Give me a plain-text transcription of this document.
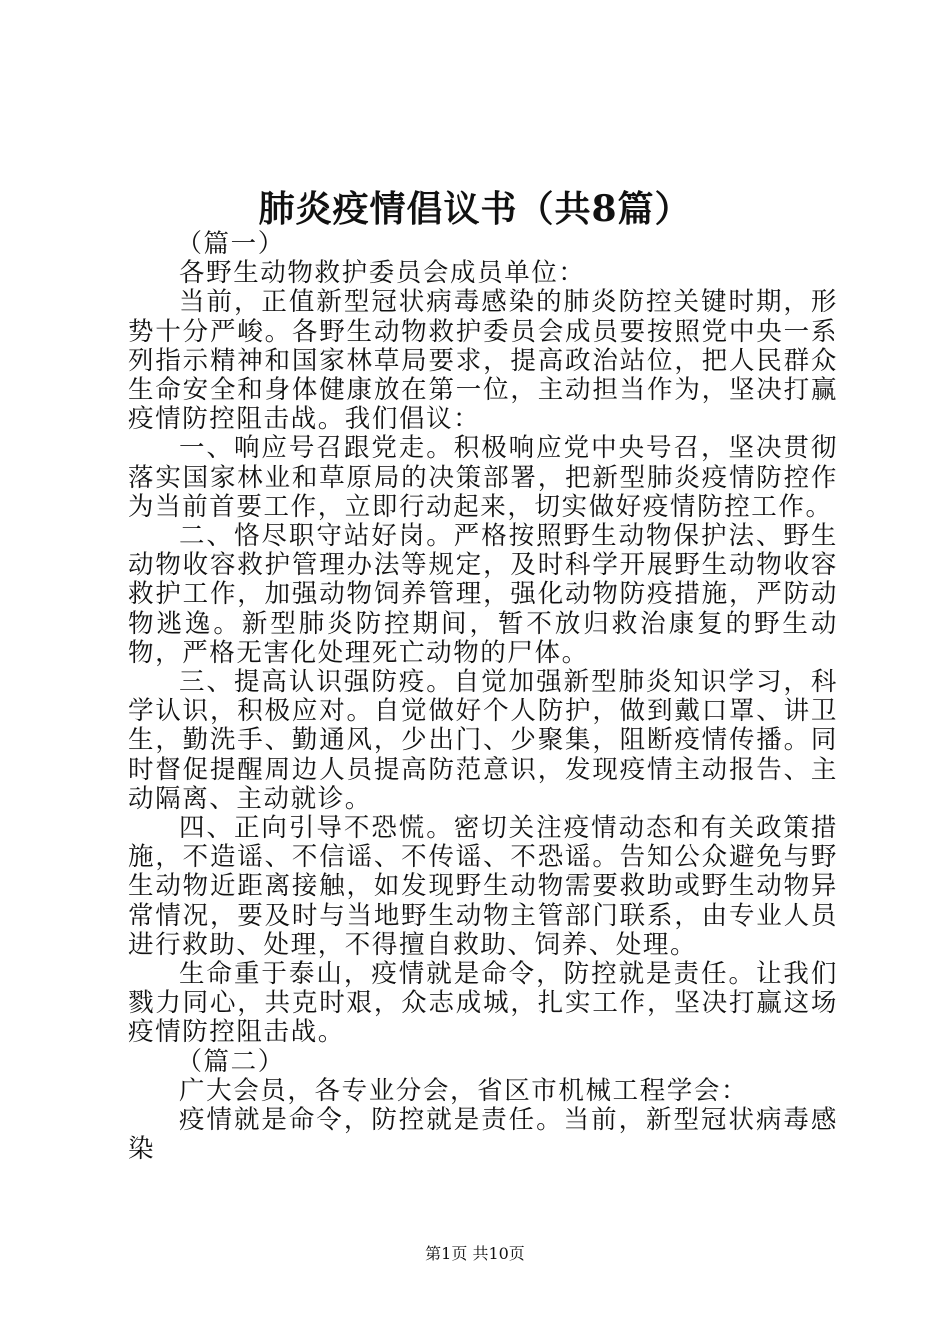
肺炎疫情倡议书（共8篇）

（篇一）

各野生动物救护委员会成员单位：

当前，正值新型冠状病毒感染的肺炎防控关键时期，形势十分严峻。各野生动物救护委员会成员要按照党中央一系列指示精神和国家林草局要求，提高政治站位，把人民群众生命安全和身体健康放在第一位，主动担当作为，坚决打赢疫情防控阻击战。我们倡议：

一、响应号召跟党走。积极响应党中央号召，坚决贯彻落实国家林业和草原局的决策部署，把新型肺炎疫情防控作为当前首要工作，立即行动起来，切实做好疫情防控工作。

二、恪尽职守站好岗。严格按照野生动物保护法、野生动物收容救护管理办法等规定，及时科学开展野生动物收容救护工作，加强动物饲养管理，强化动物防疫措施，严防动物逃逸。新型肺炎防控期间，暂不放归救治康复的野生动物，严格无害化处理死亡动物的尸体。

三、提高认识强防疫。自觉加强新型肺炎知识学习，科学认识，积极应对。自觉做好个人防护，做到戴口罩、讲卫生，勤洗手、勤通风，少出门、少聚集，阻断疫情传播。同时督促提醒周边人员提高防范意识，发现疫情主动报告、主动隔离、主动就诊。

四、正向引导不恐慌。密切关注疫情动态和有关政策措施，不造谣、不信谣、不传谣、不恐谣。告知公众避免与野生动物近距离接触，如发现野生动物需要救助或野生动物异常情况，要及时与当地野生动物主管部门联系，由专业人员进行救助、处理，不得擅自救助、饲养、处理。

生命重于泰山，疫情就是命令，防控就是责任。让我们戮力同心，共克时艰，众志成城，扎实工作，坚决打赢这场疫情防控阻击战。

（篇二）

广大会员，各专业分会，省区市机械工程学会：

疫情就是命令，防控就是责任。当前，新型冠状病毒感染

第1页 共10页
